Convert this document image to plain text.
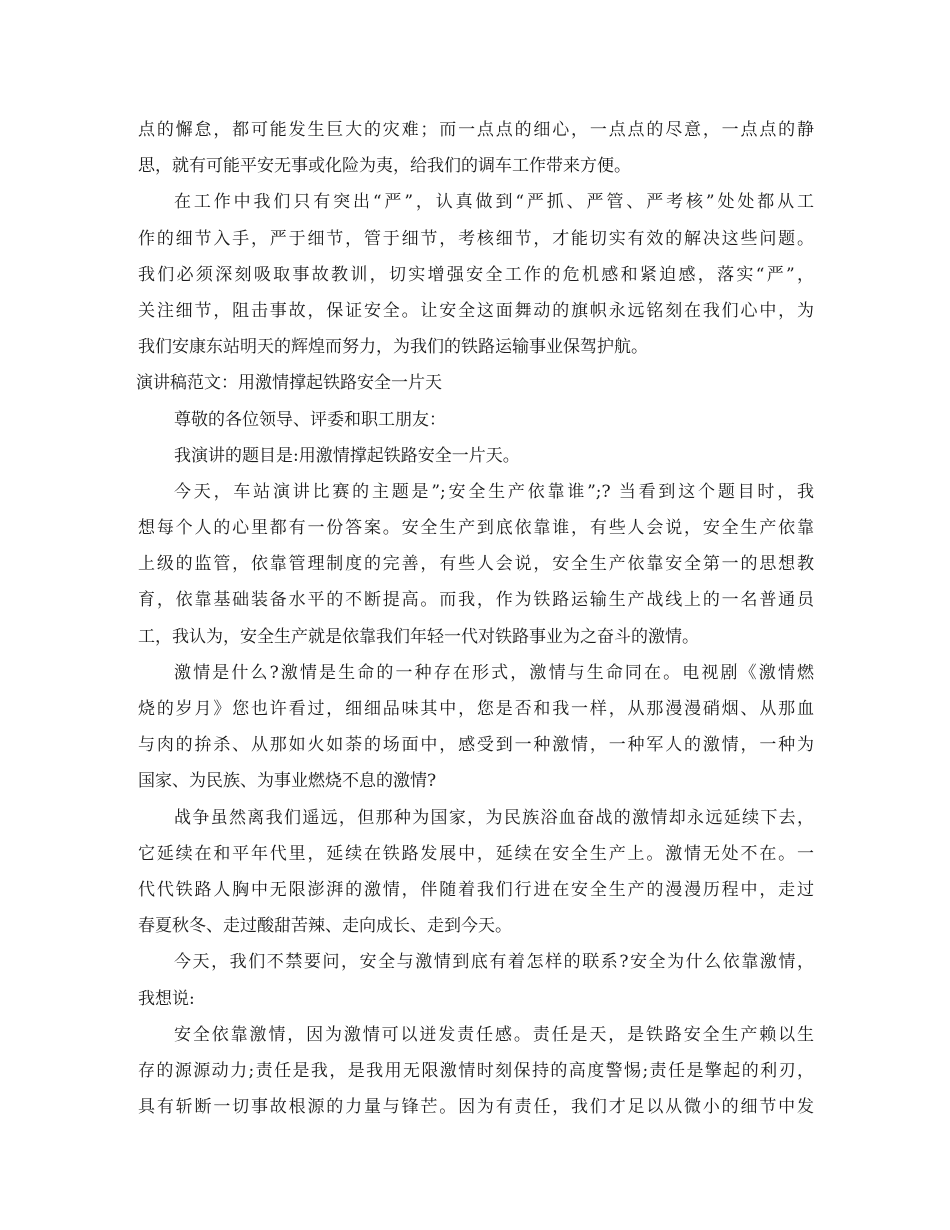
点的懈怠，都可能发生巨大的灾难；而一点点的细心，一点点的尽意，一点点的静
思，就有可能平安无事或化险为夷，给我们的调车工作带来方便。
在工作中我们只有突出“严”，认真做到“严抓、严管、严考核”处处都从工
作的细节入手，严于细节，管于细节，考核细节，才能切实有效的解决这些问题。
我们必须深刻吸取事故教训，切实增强安全工作的危机感和紧迫感，落实“严”，
关注细节，阻击事故，保证安全。让安全这面舞动的旗帜永远铭刻在我们心中，为
我们安康东站明天的辉煌而努力，为我们的铁路运输事业保驾护航。
演讲稿范文：用激情撑起铁路安全一片天
尊敬的各位领导、评委和职工朋友：
我演讲的题目是:用激情撑起铁路安全一片天。
今天，车站演讲比赛的主题是”;安全生产依靠谁”;? 当看到这个题目时，我
想每个人的心里都有一份答案。安全生产到底依靠谁，有些人会说，安全生产依靠
上级的监管，依靠管理制度的完善，有些人会说，安全生产依靠安全第一的思想教
育，依靠基础装备水平的不断提高。而我，作为铁路运输生产战线上的一名普通员
工，我认为，安全生产就是依靠我们年轻一代对铁路事业为之奋斗的激情。
激情是什么?激情是生命的一种存在形式，激情与生命同在。电视剧《激情燃
烧的岁月》您也许看过，细细品味其中，您是否和我一样，从那漫漫硝烟、从那血
与肉的拚杀、从那如火如荼的场面中，感受到一种激情，一种军人的激情，一种为
国家、为民族、为事业燃烧不息的激情?
战争虽然离我们遥远，但那种为国家，为民族浴血奋战的激情却永远延续下去，
它延续在和平年代里，延续在铁路发展中，延续在安全生产上。激情无处不在。一
代代铁路人胸中无限澎湃的激情，伴随着我们行进在安全生产的漫漫历程中，走过
春夏秋冬、走过酸甜苦辣、走向成长、走到今天。
今天，我们不禁要问，安全与激情到底有着怎样的联系?安全为什么依靠激情，
我想说:
安全依靠激情，因为激情可以迸发责任感。责任是天，是铁路安全生产赖以生
存的源源动力;责任是我，是我用无限激情时刻保持的高度警惕;责任是擎起的利刃，
具有斩断一切事故根源的力量与锋芒。因为有责任，我们才足以从微小的细节中发
